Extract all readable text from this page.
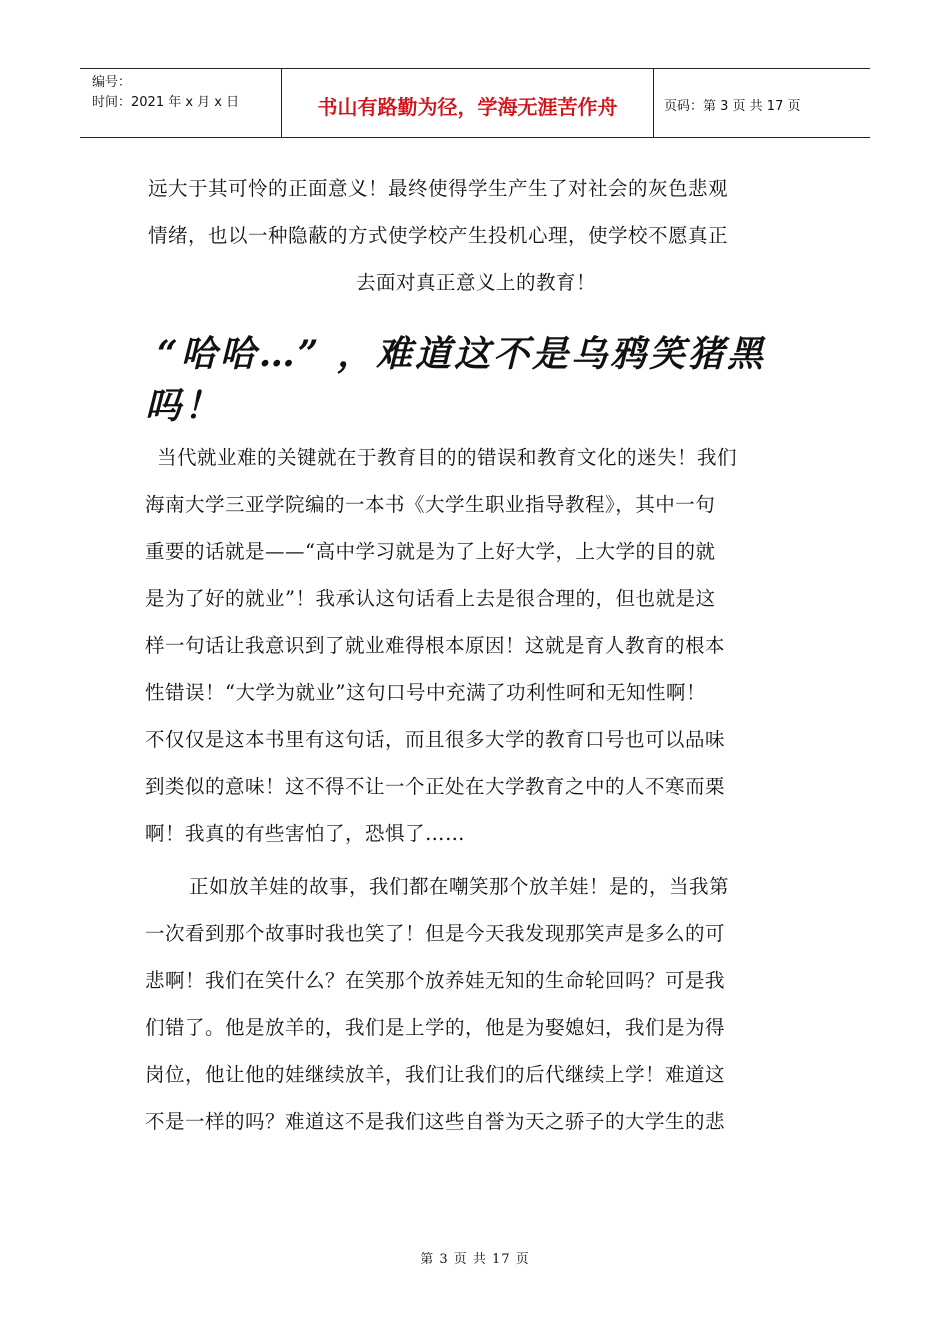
编号：
时间：2021 年 x 月 x 日	书山有路勤为径，学海无涯苦作舟	页码：第 3 页 共 17 页
远大于其可怜的正面意义！最终使得学生产生了对社会的灰色悲观
情绪，也以一种隐蔽的方式使学校产生投机心理，使学校不愿真正
去面对真正意义上的教育！
“哈哈…” ，难道这不是乌鸦笑猪黑
吗！
当代就业难的关键就在于教育目的的错误和教育文化的迷失！我们
海南大学三亚学院编的一本书《大学生职业指导教程》，其中一句
重要的话就是——“高中学习就是为了上好大学，上大学的目的就
是为了好的就业”！我承认这句话看上去是很合理的，但也就是这
样一句话让我意识到了就业难得根本原因！这就是育人教育的根本
性错误！“大学为就业”这句口号中充满了功利性呵和无知性啊！
不仅仅是这本书里有这句话，而且很多大学的教育口号也可以品味
到类似的意味！这不得不让一个正处在大学教育之中的人不寒而栗
啊！我真的有些害怕了，恐惧了……
正如放羊娃的故事，我们都在嘲笑那个放羊娃！是的，当我第
一次看到那个故事时我也笑了！但是今天我发现那笑声是多么的可
悲啊！我们在笑什么？在笑那个放养娃无知的生命轮回吗？可是我
们错了。他是放羊的，我们是上学的，他是为娶媳妇，我们是为得
岗位，他让他的娃继续放羊，我们让我们的后代继续上学！难道这
不是一样的吗？难道这不是我们这些自誉为天之骄子的大学生的悲
第 3 页 共 17 页
